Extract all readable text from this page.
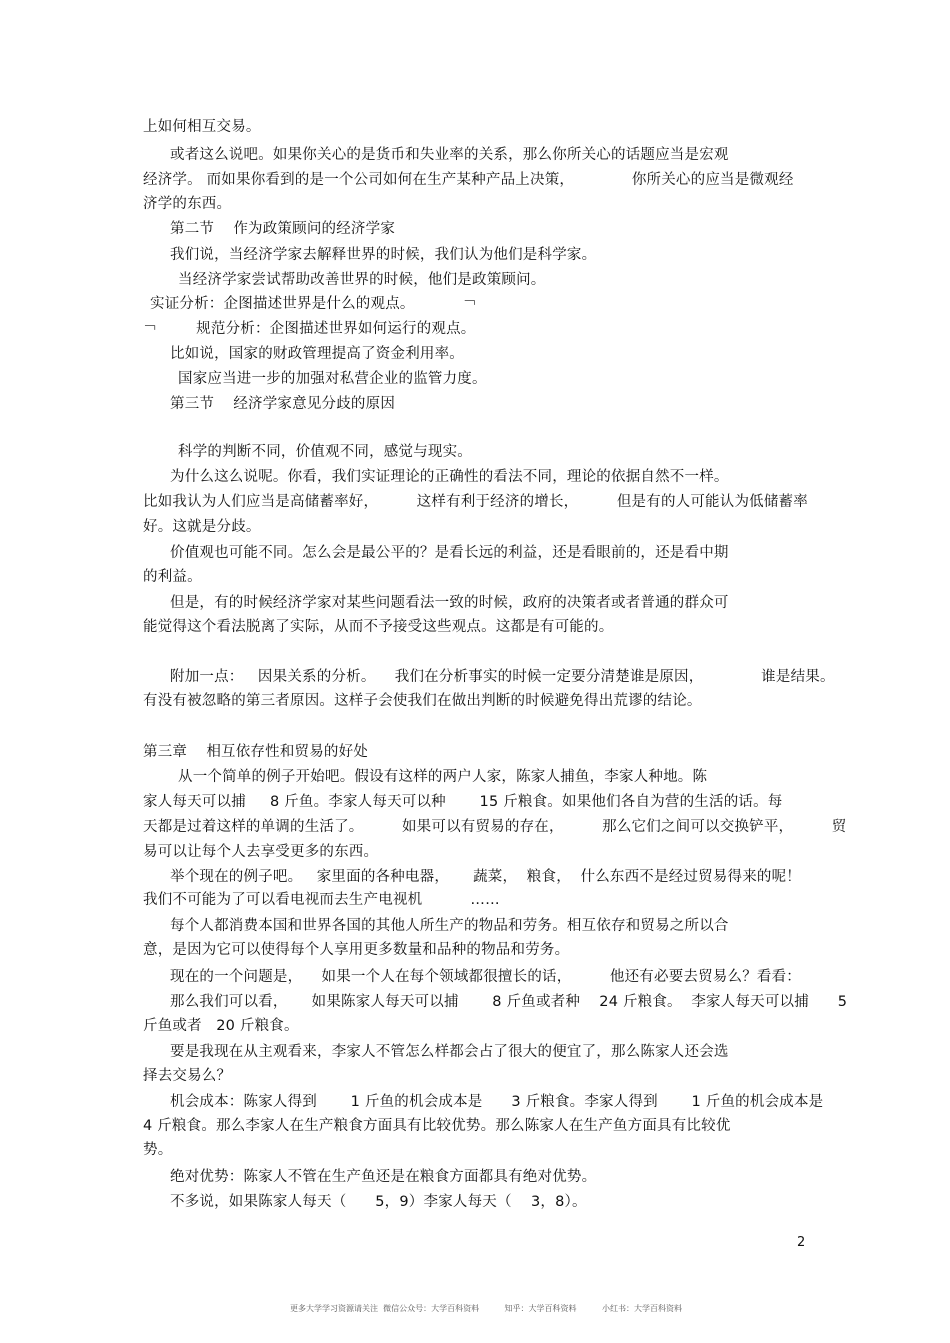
上如何相互交易。
或者这么说吧。如果你关心的是货币和失业率的关系，那么你所关心的话题应当是宏观
经济学。 而如果你看到的是一个公司如何在生产某种产品上决策，            你所关心的应当是微观经
济学的东西。
第二节    作为政策顾问的经济学家
我们说，当经济学家去解释世界的时候，我们认为他们是科学家。
当经济学家尝试帮助改善世界的时候，他们是政策顾问。
实证分析：企图描述世界是什么的观点。          ￢
￢        规范分析：企图描述世界如何运行的观点。
比如说，国家的财政管理提高了资金利用率。
国家应当进一步的加强对私营企业的监管力度。
第三节    经济学家意见分歧的原因
科学的判断不同，价值观不同，感觉与现实。
为什么这么说呢。你看，我们实证理论的正确性的看法不同，理论的依据自然不一样。
比如我认为人们应当是高储蓄率好，        这样有利于经济的增长，        但是有的人可能认为低储蓄率
好。这就是分歧。
价值观也可能不同。怎么会是最公平的？是看长远的利益，还是看眼前的，还是看中期
的利益。
但是，有的时候经济学家对某些问题看法一致的时候，政府的决策者或者普通的群众可
能觉得这个看法脱离了实际，从而不予接受这些观点。这都是有可能的。
附加一点：   因果关系的分析。    我们在分析事实的时候一定要分清楚谁是原因，            谁是结果。
有没有被忽略的第三者原因。这样子会使我们在做出判断的时候避免得出荒谬的结论。
第三章    相互依存性和贸易的好处
从一个简单的例子开始吧。假设有这样的两户人家，陈家人捕鱼，李家人种地。陈
家人每天可以捕     8 斤鱼。李家人每天可以种       15 斤粮食。如果他们各自为营的生活的话。每
天都是过着这样的单调的生活了。        如果可以有贸易的存在，        那么它们之间可以交换铲平，        贸
易可以让每个人去享受更多的东西。
举个现在的例子吧。   家里面的各种电器，     蔬菜，  粮食，  什么东西不是经过贸易得来的呢！
我们不可能为了可以看电视而去生产电视机          ……
每个人都消费本国和世界各国的其他人所生产的物品和劳务。相互依存和贸易之所以合
意，是因为它可以使得每个人享用更多数量和品种的物品和劳务。
现在的一个问题是，    如果一个人在每个领域都很擅长的话，        他还有必要去贸易么？看看：
那么我们可以看，     如果陈家人每天可以捕       8 斤鱼或者种    24 斤粮食。  李家人每天可以捕      5
斤鱼或者   20 斤粮食。
要是我现在从主观看来，李家人不管怎么样都会占了很大的便宜了，那么陈家人还会选
择去交易么？
机会成本：陈家人得到       1 斤鱼的机会成本是      3 斤粮食。李家人得到       1 斤鱼的机会成本是
4 斤粮食。那么李家人在生产粮食方面具有比较优势。那么陈家人在生产鱼方面具有比较优
势。
绝对优势：陈家人不管在生产鱼还是在粮食方面都具有绝对优势。
不多说，如果陈家人每天（      5，9）李家人每天（    3，8）。
2
更多大学学习资源请关注  微信公众号：大学百科资料          知乎：大学百科资料          小红书：大学百科资料
